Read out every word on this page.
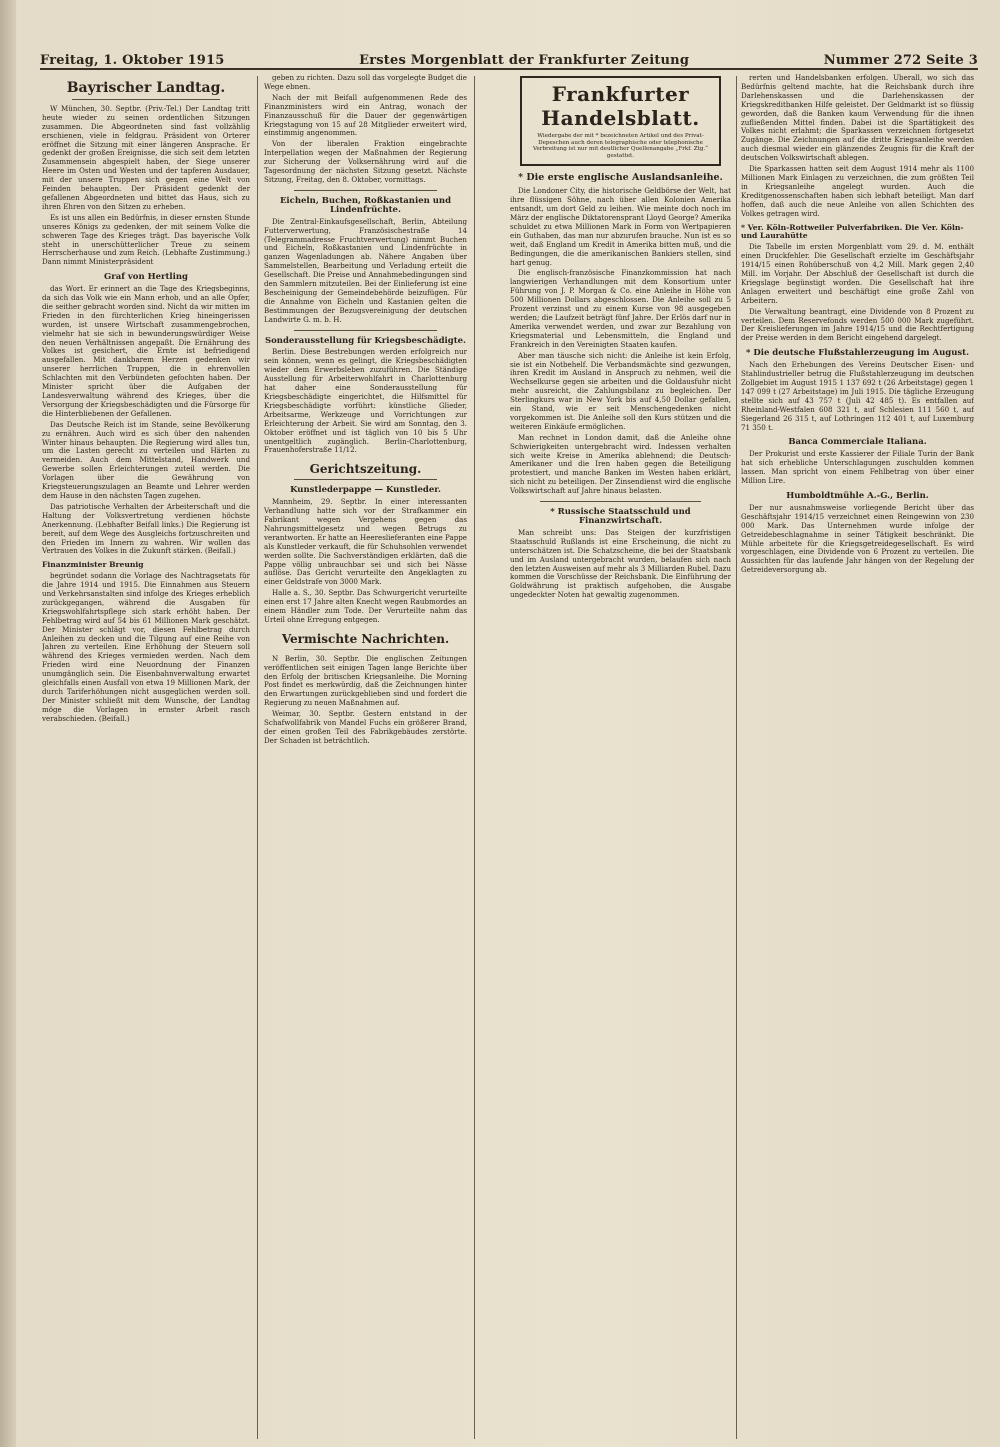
Freitag, 1. Oktober 1915	Erstes Morgenblatt der Frankfurter Zeitung	Nummer 272 Seite 3
Bayrischer Landtag.

W München, 30. Septbr. (Priv.-Tel.) Der Landtag tritt heute wieder zu seinen ordentlichen Sitzungen zusammen. Die Abgeordneten sind fast vollzählig erschienen, viele in feldgrau. Präsident von Orterer eröffnet die Sitzung mit einer längeren Ansprache. Er gedenkt der großen Ereignisse, die sich seit dem letzten Zusammensein abgespielt haben, der Siege unserer Heere im Osten und Westen und der tapferen Ausdauer, mit der unsere Truppen sich gegen eine Welt von Feinden behaupten. Der Präsident gedenkt der gefallenen Abgeordneten und bittet das Haus, sich zu ihren Ehren von den Sitzen zu erheben.

Es ist uns allen ein Bedürfnis, in dieser ernsten Stunde unseres Königs zu gedenken, der mit seinem Volke die schweren Tage des Krieges trägt. Das bayerische Volk steht in unerschütterlicher Treue zu seinem Herrscherhause und zum Reich. (Lebhafte Zustimmung.) Dann nimmt Ministerpräsident

Graf von Hertling

das Wort. Er erinnert an die Tage des Kriegsbeginns, da sich das Volk wie ein Mann erhob, und an alle Opfer, die seither gebracht worden sind. Nicht da wir mitten im Frieden in den fürchterlichen Krieg hineingerissen wurden, ist unsere Wirtschaft zusammengebrochen, vielmehr hat sie sich in bewunderungswürdiger Weise den neuen Verhältnissen angepaßt. Die Ernährung des Volkes ist gesichert, die Ernte ist befriedigend ausgefallen. Mit dankbarem Herzen gedenken wir unserer herrlichen Truppen, die in ehrenvollen Schlachten mit den Verbündeten gefochten haben. Der Minister spricht über die Aufgaben der Landesverwaltung während des Krieges, über die Versorgung der Kriegsbeschädigten und die Fürsorge für die Hinterbliebenen der Gefallenen.

Das Deutsche Reich ist im Stande, seine Bevölkerung zu ernähren. Auch wird es sich über den nahenden Winter hinaus behaupten. Die Regierung wird alles tun, um die Lasten gerecht zu verteilen und Härten zu vermeiden. Auch dem Mittelstand, Handwerk und Gewerbe sollen Erleichterungen zuteil werden. Die Vorlagen über die Gewährung von Kriegsteuerungszulagen an Beamte und Lehrer werden dem Hause in den nächsten Tagen zugehen.

Das patriotische Verhalten der Arbeiterschaft und die Haltung der Volksvertretung verdienen höchste Anerkennung. (Lebhafter Beifall links.) Die Regierung ist bereit, auf dem Wege des Ausgleichs fortzuschreiten und den Frieden im Innern zu wahren. Wir wollen das Vertrauen des Volkes in die Zukunft stärken. (Beifall.)

Finanzminister Breunig

begründet sodann die Vorlage des Nachtragsetats für die Jahre 1914 und 1915. Die Einnahmen aus Steuern und Verkehrsanstalten sind infolge des Krieges erheblich zurückgegangen, während die Ausgaben für Kriegswohlfahrtspflege sich stark erhöht haben. Der Fehlbetrag wird auf 54 bis 61 Millionen Mark geschätzt. Der Minister schlägt vor, diesen Fehlbetrag durch Anleihen zu decken und die Tilgung auf eine Reihe von Jahren zu verteilen. Eine Erhöhung der Steuern soll während des Krieges vermieden werden. Nach dem Frieden wird eine Neuordnung der Finanzen unumgänglich sein. Die Eisenbahnverwaltung erwartet gleichfalls einen Ausfall von etwa 19 Millionen Mark, der durch Tariferhöhungen nicht ausgeglichen werden soll. Der Minister schließt mit dem Wunsche, der Landtag möge die Vorlagen in ernster Arbeit rasch verabschieden. (Beifall.)

geben zu richten. Dazu soll das vorgelegte Budget die Wege ebnen.

Nach der mit Beifall aufgenommenen Rede des Finanzministers wird ein Antrag, wonach der Finanzausschuß für die Dauer der gegenwärtigen Kriegstagung von 15 auf 28 Mitglieder erweitert wird, einstimmig angenommen.

Von der liberalen Fraktion eingebrachte Interpellation wegen der Maßnahmen der Regierung zur Sicherung der Volksernährung wird auf die Tagesordnung der nächsten Sitzung gesetzt. Nächste Sitzung, Freitag, den 8. Oktober, vormittags.

Eicheln, Buchen, Roßkastanien und Lindenfrüchte.

Die Zentral-Einkaufsgesellschaft, Berlin, Abteilung Futterverwertung, Französischestraße 14 (Telegrammadresse Fruchtverwertung) nimmt Buchen und Eicheln, Roßkastanien und Lindenfrüchte in ganzen Wagenladungen ab. Nähere Angaben über Sammelstellen, Bearbeitung und Verladung erteilt die Gesellschaft. Die Preise und Annahmebedingungen sind den Sammlern mitzuteilen. Bei der Einlieferung ist eine Bescheinigung der Gemeindebehörde beizufügen. Für die Annahme von Eicheln und Kastanien gelten die Bestimmungen der Bezugsvereinigung der deutschen Landwirte G. m. b. H.

Sonderausstellung für Kriegsbeschädigte.

Berlin. Diese Bestrebungen werden erfolgreich nur sein können, wenn es gelingt, die Kriegsbeschädigten wieder dem Erwerbsleben zuzuführen. Die Ständige Ausstellung für Arbeiterwohlfahrt in Charlottenburg hat daher eine Sonderausstellung für Kriegsbeschädigte eingerichtet, die Hilfsmittel für Kriegsbeschädigte vorführt: künstliche Glieder, Arbeitsarme, Werkzeuge und Vorrichtungen zur Erleichterung der Arbeit. Sie wird am Sonntag, den 3. Oktober eröffnet und ist täglich von 10 bis 5 Uhr unentgeltlich zugänglich. Berlin-Charlottenburg, Frauenhoferstraße 11/12.

Gerichtszeitung.
Kunstlederpappe — Kunstleder.

Mannheim, 29. Septbr. In einer interessanten Verhandlung hatte sich vor der Strafkammer ein Fabrikant wegen Vergehens gegen das Nahrungsmittelgesetz und wegen Betrugs zu verantworten. Er hatte an Heereslieferanten eine Pappe als Kunstleder verkauft, die für Schuhsohlen verwendet werden sollte. Die Sachverständigen erklärten, daß die Pappe völlig unbrauchbar sei und sich bei Nässe auflöse. Das Gericht verurteilte den Angeklagten zu einer Geldstrafe von 3000 Mark.

Halle a. S., 30. Septbr. Das Schwurgericht verurteilte einen erst 17 Jahre alten Knecht wegen Raubmordes an einem Händler zum Tode. Der Verurteilte nahm das Urteil ohne Erregung entgegen.

Vermischte Nachrichten.

N Berlin, 30. Septbr. Die englischen Zeitungen veröffentlichen seit einigen Tagen lange Berichte über den Erfolg der britischen Kriegsanleihe. Die Morning Post findet es merkwürdig, daß die Zeichnungen hinter den Erwartungen zurückgeblieben sind und fordert die Regierung zu neuen Maßnahmen auf.

Weimar, 30. Septbr. Gestern entstand in der Schafwollfabrik von Mandel Fuchs ein größerer Brand, der einen großen Teil des Fabrikgebäudes zerstörte. Der Schaden ist beträchtlich.

Frankfurter Handelsblatt.
Wiedergabe der mit * bezeichneten Artikel und des Privat-Depeschen auch deren telegraphische oder telephonische Verbreitung ist nur mit deutlicher Quellenangabe „Frkf. Ztg.“ gestattet.
* Die erste englische Auslandsanleihe.

Die Londoner City, die historische Geldbörse der Welt, hat ihre flüssigen Söhne, nach über allen Kolonien Amerika entsandt, um dort Geld zu leihen. Wie meinte doch noch im März der englische Diktatorensprant Lloyd George? Amerika schuldet zu etwa Millionen Mark in Form von Wertpapieren ein Guthaben, das man nur abzurufen brauche. Nun ist es so weit, daß England um Kredit in Amerika bitten muß, und die Bedingungen, die die amerikanischen Bankiers stellen, sind hart genug.

Die englisch-französische Finanzkommission hat nach langwierigen Verhandlungen mit dem Konsortium unter Führung von J. P. Morgan & Co. eine Anleihe in Höhe von 500 Millionen Dollars abgeschlossen. Die Anleihe soll zu 5 Prozent verzinst und zu einem Kurse von 98 ausgegeben werden; die Laufzeit beträgt fünf Jahre. Der Erlös darf nur in Amerika verwendet werden, und zwar zur Bezahlung von Kriegsmaterial und Lebensmitteln, die England und Frankreich in den Vereinigten Staaten kaufen.

Aber man täusche sich nicht: die Anleihe ist kein Erfolg, sie ist ein Notbehelf. Die Verbandsmächte sind gezwungen, ihren Kredit im Ausland in Anspruch zu nehmen, weil die Wechselkurse gegen sie arbeiten und die Goldausfuhr nicht mehr ausreicht, die Zahlungsbilanz zu begleichen. Der Sterlingkurs war in New York bis auf 4,50 Dollar gefallen, ein Stand, wie er seit Menschengedenken nicht vorgekommen ist. Die Anleihe soll den Kurs stützen und die weiteren Einkäufe ermöglichen.

Man rechnet in London damit, daß die Anleihe ohne Schwierigkeiten untergebracht wird. Indessen verhalten sich weite Kreise in Amerika ablehnend; die Deutsch-Amerikaner und die Iren haben gegen die Beteiligung protestiert, und manche Banken im Westen haben erklärt, sich nicht zu beteiligen. Der Zinsendienst wird die englische Volkswirtschaft auf Jahre hinaus belasten.

* Russische Staatsschuld und Finanzwirtschaft.

Man schreibt uns: Das Steigen der kurzfristigen Staatsschuld Rußlands ist eine Erscheinung, die nicht zu unterschätzen ist. Die Schatzscheine, die bei der Staatsbank und im Ausland untergebracht wurden, belaufen sich nach den letzten Ausweisen auf mehr als 3 Milliarden Rubel. Dazu kommen die Vorschüsse der Reichsbank. Die Einführung der Goldwährung ist praktisch aufgehoben, die Ausgabe ungedeckter Noten hat gewaltig zugenommen.

rerten und Handelsbanken erfolgen. Überall, wo sich das Bedürfnis geltend machte, hat die Reichsbank durch ihre Darlehenskassen und die Darlehenskassen der Kriegskreditbanken Hilfe geleistet. Der Geldmarkt ist so flüssig geworden, daß die Banken kaum Verwendung für die ihnen zufließenden Mittel finden. Dabei ist die Spartätigkeit des Volkes nicht erlahmt; die Sparkassen verzeichnen fortgesetzt Zugänge. Die Zeichnungen auf die dritte Kriegsanleihe werden auch diesmal wieder ein glänzendes Zeugnis für die Kraft der deutschen Volkswirtschaft ablegen.

Die Sparkassen hatten seit dem August 1914 mehr als 1100 Millionen Mark Einlagen zu verzeichnen, die zum größten Teil in Kriegsanleihe angelegt wurden. Auch die Kreditgenossenschaften haben sich lebhaft beteiligt. Man darf hoffen, daß auch die neue Anleihe von allen Schichten des Volkes getragen wird.

* Ver. Köln-Rottweiler Pulverfabriken. Die Ver. Köln- und Laurahütte

Die Tabelle im ersten Morgenblatt vom 29. d. M. enthält einen Druckfehler. Die Gesellschaft erzielte im Geschäftsjahr 1914/15 einen Rohüberschuß von 4,2 Mill. Mark gegen 2,40 Mill. im Vorjahr. Der Abschluß der Gesellschaft ist durch die Kriegslage begünstigt worden. Die Gesellschaft hat ihre Anlagen erweitert und beschäftigt eine große Zahl von Arbeitern.

Die Verwaltung beantragt, eine Dividende von 8 Prozent zu verteilen. Dem Reservefonds werden 500 000 Mark zugeführt. Der Kreislieferungen im Jahre 1914/15 und die Rechtfertigung der Preise werden in dem Bericht eingehend dargelegt.

* Die deutsche Flußstahlerzeugung im August.

Nach den Erhebungen des Vereins Deutscher Eisen- und Stahlindustrieller betrug die Flußstahlerzeugung im deutschen Zollgebiet im August 1915 1 137 692 t (26 Arbeitstage) gegen 1 147 099 t (27 Arbeitstage) im Juli 1915. Die tägliche Erzeugung stellte sich auf 43 757 t (Juli 42 485 t). Es entfallen auf Rheinland-Westfalen 608 321 t, auf Schlesien 111 560 t, auf Siegerland 26 315 t, auf Lothringen 112 401 t, auf Luxemburg 71 350 t.

Banca Commerciale Italiana.

Der Prokurist und erste Kassierer der Filiale Turin der Bank hat sich erhebliche Unterschlagungen zuschulden kommen lassen. Man spricht von einem Fehlbetrag von über einer Million Lire.

Humboldtmühle A.-G., Berlin.

Der nur ausnahmsweise vorliegende Bericht über das Geschäftsjahr 1914/15 verzeichnet einen Reingewinn von 230 000 Mark. Das Unternehmen wurde infolge der Getreidebeschlagnahme in seiner Tätigkeit beschränkt. Die Mühle arbeitete für die Kriegsgetreidegesellschaft. Es wird vorgeschlagen, eine Dividende von 6 Prozent zu verteilen. Die Aussichten für das laufende Jahr hängen von der Regelung der Getreideversorgung ab.
